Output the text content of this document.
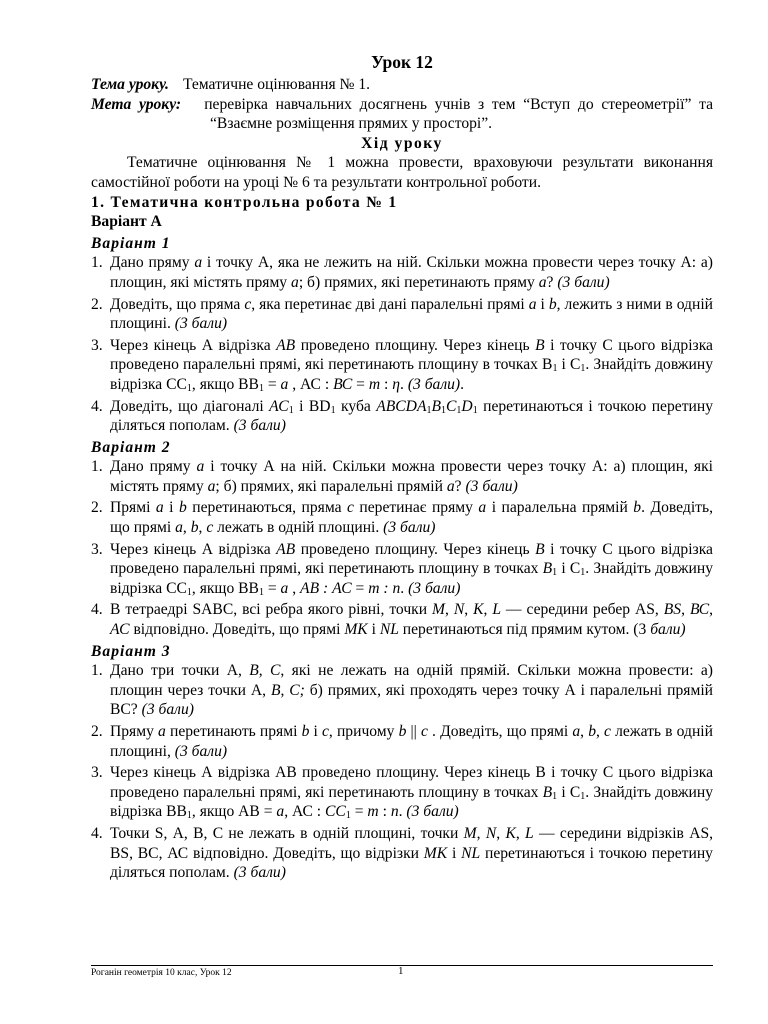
Урок 12
Тема уроку. Тематичне оцінювання № 1.
Мета уроку: перевірка навчальних досягнень учнів з тем “Вступ до стереометрії” та “Взаємне розміщення прямих у просторі”.
Хід уроку
Тематичне оцінювання № 1 можна провести, враховуючи результати виконання самостійної роботи на уроці № 6 та результати контрольної роботи.
1. Тематична контрольна робота № 1
Варіант А
Варіант 1
1. Дано пряму а і точку А, яка не лежить на ній. Скільки можна провести через точку А: а) площин, які містять пряму а; б) прямих, які перетинають пряму а? (3 бали)
2. Доведіть, що пряма с, яка перетинає дві дані паралельні прямі а і b, лежить з ними в одній площині. (3 бали)
3. Через кінець А відрізка АВ проведено площину. Через кінець В і точку С цього відрізка проведено паралельні прямі, які перетинають площину в точках $В_1$ і $С_1$. Знайдіть довжину відрізка $СС_1$, якщо $ВВ_1 = а$ , АС : ВС = т : η. (3 бали).
4. Доведіть, що діагоналі $АС_1$ і $BD_1$ куба $ABCDA_1B_1C_1D_1$ перетинаються і точкою перетину діляться пополам. (3 бали)
Варіант 2
1. Дано пряму а і точку А на ній. Скільки можна провести через точку А: а) площин, які містять пряму а; б) прямих, які паралельні прямій а? (3 бали)
2. Прямі а і b перетинаються, пряма с перетинає пряму а і паралельна прямій b. Доведіть, що прямі а, b, с лежать в одній площині. (3 бали)
3. Через кінець А відрізка АВ проведено площину. Через кінець В і точку С цього відрізка проведено паралельні прямі, які перетинають площину в точках $В_1$ і $С_1$. Знайдіть довжину відрізка $СС_1$, якщо $ВВ_1 = а$ , АВ : АС = т : п. (3 бали)
4. В тетраедрі SABC, всі ребра якого рівні, точки М, N, К, L — середини ребер АS, BS, ВС, АС відповідно. Доведіть, що прямі МК і NL перетинаються під прямим кутом. (3 бали)
Варіант 3
1. Дано три точки А, В, С, які не лежать на одній прямій. Скільки можна провести: а) площин через точки А, В, С; б) прямих, які проходять через точку А і паралельні прямій ВС? (3 бали)
2. Пряму а перетинають прямі b і с, причому b || с . Доведіть, що прямі а, b, с лежать в одній площині, (3 бали)
3. Через кінець А відрізка АВ проведено площину. Через кінець В і точку С цього відрізка проведено паралельні прямі, які перетинають площину в точках $В_1$ і $С_1$. Знайдіть довжину відрізка $ВВ_1$, якщо АВ = а, АС : $СС_1 = т$ : п. (3 бали)
4. Точки S, А, В, С не лежать в одній площині, точки М, N, К, L — середини відрізків АS, ВS, ВС, АС відповідно. Доведіть, що відрізки МК і NL перетинаються і точкою перетину діляться пополам. (3 бали)
Роганін геометрія 10 клас, Урок 12	1
